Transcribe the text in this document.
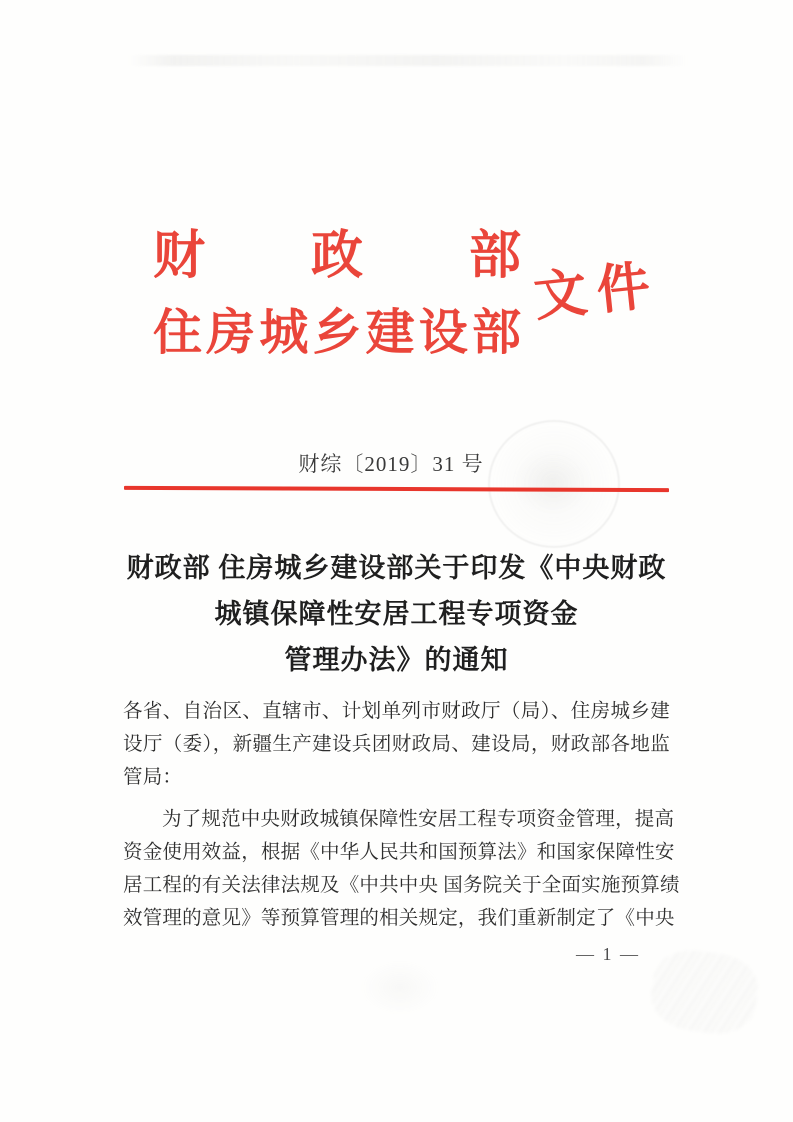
财 政 部
住 房 城 乡 建 设 部
文件
财综〔2019〕31 号
财政部 住房城乡建设部关于印发《中央财政
城镇保障性安居工程专项资金
管理办法》的通知
各省、自治区、直辖市、计划单列市财政厅（局）、住房城乡建
设厅（委），新疆生产建设兵团财政局、建设局，财政部各地监
管局：
为了规范中央财政城镇保障性安居工程专项资金管理，提高
资金使用效益，根据《中华人民共和国预算法》和国家保障性安
居工程的有关法律法规及《中共中央 国务院关于全面实施预算绩
效管理的意见》等预算管理的相关规定，我们重新制定了《中央
— 1 —
